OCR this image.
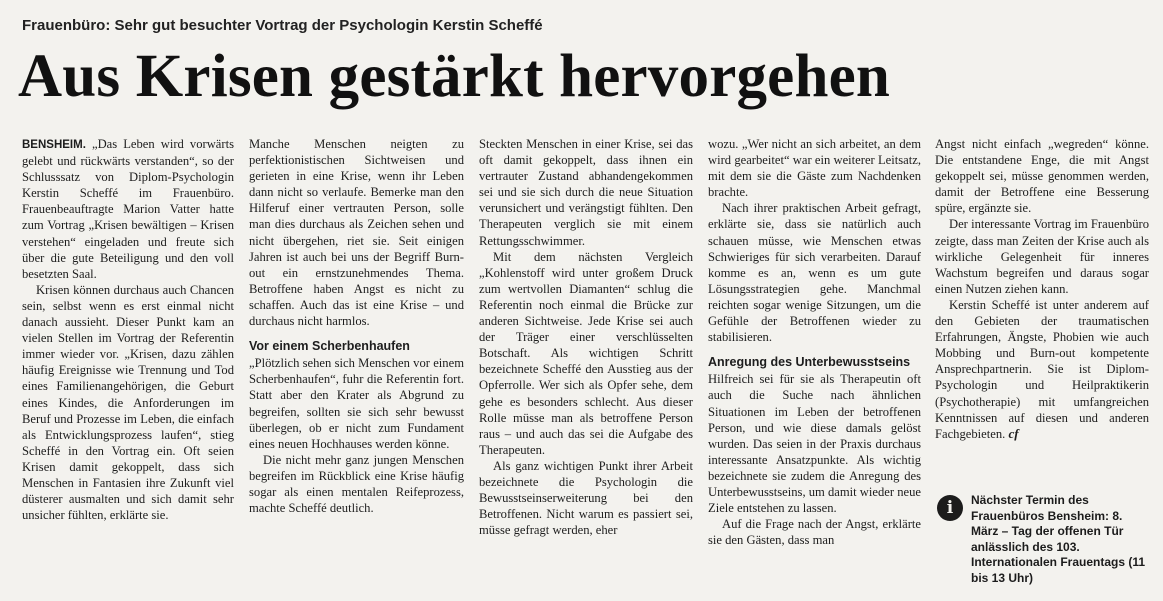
Frauenbüro: Sehr gut besuchter Vortrag der Psychologin Kerstin Scheffé
Aus Krisen gestärkt hervorgehen

BENSHEIM. „Das Leben wird vorwärts gelebt und rückwärts verstanden“, so der Schlusssatz von Diplom-Psychologin Kerstin Scheffé im Frauenbüro. Frauenbeauftragte Marion Vatter hatte zum Vortrag „Krisen bewältigen – Krisen verstehen“ eingeladen und freute sich über die gute Beteiligung und den voll besetzten Saal.

Krisen können durchaus auch Chancen sein, selbst wenn es erst einmal nicht danach aussieht. Dieser Punkt kam an vielen Stellen im Vortrag der Referentin immer wieder vor. „Krisen, dazu zählen häufig Ereignisse wie Trennung und Tod eines Familienangehörigen, die Geburt eines Kindes, die Anforderungen im Beruf und Prozesse im Leben, die einfach als Entwicklungsprozess laufen“, stieg Scheffé in den Vortrag ein. Oft seien Krisen damit gekoppelt, dass sich Menschen in Fantasien ihre Zukunft viel düsterer ausmalten und sich damit sehr unsicher fühlten, erklärte sie.

Manche Menschen neigten zu perfektionistischen Sichtweisen und gerieten in eine Krise, wenn ihr Leben dann nicht so verlaufe. Bemerke man den Hilferuf einer vertrauten Person, solle man dies durchaus als Zeichen sehen und nicht übergehen, riet sie. Seit einigen Jahren ist auch bei uns der Begriff Burn-out ein ernstzunehmendes Thema. Betroffene haben Angst es nicht zu schaffen. Auch das ist eine Krise – und durchaus nicht harmlos.

Vor einem Scherbenhaufen

„Plötzlich sehen sich Menschen vor einem Scherbenhaufen“, fuhr die Referentin fort. Statt aber den Krater als Abgrund zu begreifen, sollten sie sich sehr bewusst überlegen, ob er nicht zum Fundament eines neuen Hochhauses werden könne.

Die nicht mehr ganz jungen Menschen begreifen im Rückblick eine Krise häufig sogar als einen mentalen Reifeprozess, machte Scheffé deutlich.

Steckten Menschen in einer Krise, sei das oft damit gekoppelt, dass ihnen ein vertrauter Zustand abhandengekommen sei und sie sich durch die neue Situation verunsichert und verängstigt fühlten. Den Therapeuten verglich sie mit einem Rettungsschwimmer.

Mit dem nächsten Vergleich „Kohlenstoff wird unter großem Druck zum wertvollen Diamanten“ schlug die Referentin noch einmal die Brücke zur anderen Sichtweise. Jede Krise sei auch der Träger einer verschlüsselten Botschaft. Als wichtigen Schritt bezeichnete Scheffé den Ausstieg aus der Opferrolle. Wer sich als Opfer sehe, dem gehe es besonders schlecht. Aus dieser Rolle müsse man als betroffene Person raus – und auch das sei die Aufgabe des Therapeuten.

Als ganz wichtigen Punkt ihrer Arbeit bezeichnete die Psychologin die Bewusstseinserweiterung bei den Betroffenen. Nicht warum es passiert sei, müsse gefragt werden, eher

wozu. „Wer nicht an sich arbeitet, an dem wird gearbeitet“ war ein weiterer Leitsatz, mit dem sie die Gäste zum Nachdenken brachte.

Nach ihrer praktischen Arbeit gefragt, erklärte sie, dass sie natürlich auch schauen müsse, wie Menschen etwas Schwieriges für sich verarbeiten. Darauf komme es an, wenn es um gute Lösungsstrategien gehe. Manchmal reichten sogar wenige Sitzungen, um die Gefühle der Betroffenen wieder zu stabilisieren.

Anregung des Unterbewusstseins

Hilfreich sei für sie als Therapeutin oft auch die Suche nach ähnlichen Situationen im Leben der betroffenen Person, und wie diese damals gelöst wurden. Das seien in der Praxis durchaus interessante Ansatzpunkte. Als wichtig bezeichnete sie zudem die Anregung des Unterbewusstseins, um damit wieder neue Ziele entstehen zu lassen.

Auf die Frage nach der Angst, erklärte sie den Gästen, dass man

Angst nicht einfach „wegreden“ könne. Die entstandene Enge, die mit Angst gekoppelt sei, müsse genommen werden, damit der Betroffene eine Besserung spüre, ergänzte sie.

Der interessante Vortrag im Frauenbüro zeigte, dass man Zeiten der Krise auch als wirkliche Gelegenheit für inneres Wachstum begreifen und daraus sogar einen Nutzen ziehen kann.

Kerstin Scheffé ist unter anderem auf den Gebieten der traumatischen Erfahrungen, Ängste, Phobien wie auch Mobbing und Burn-out kompetente Ansprechpartnerin. Sie ist Diplom-Psychologin und Heilpraktikerin (Psychotherapie) mit umfangreichen Kenntnissen auf diesen und anderen Fachgebieten. cf

i	Nächster Termin des Frauenbüros Bensheim: 8. März – Tag der offenen Tür anlässlich des 103. Internationalen Frauentags (11 bis 13 Uhr)
